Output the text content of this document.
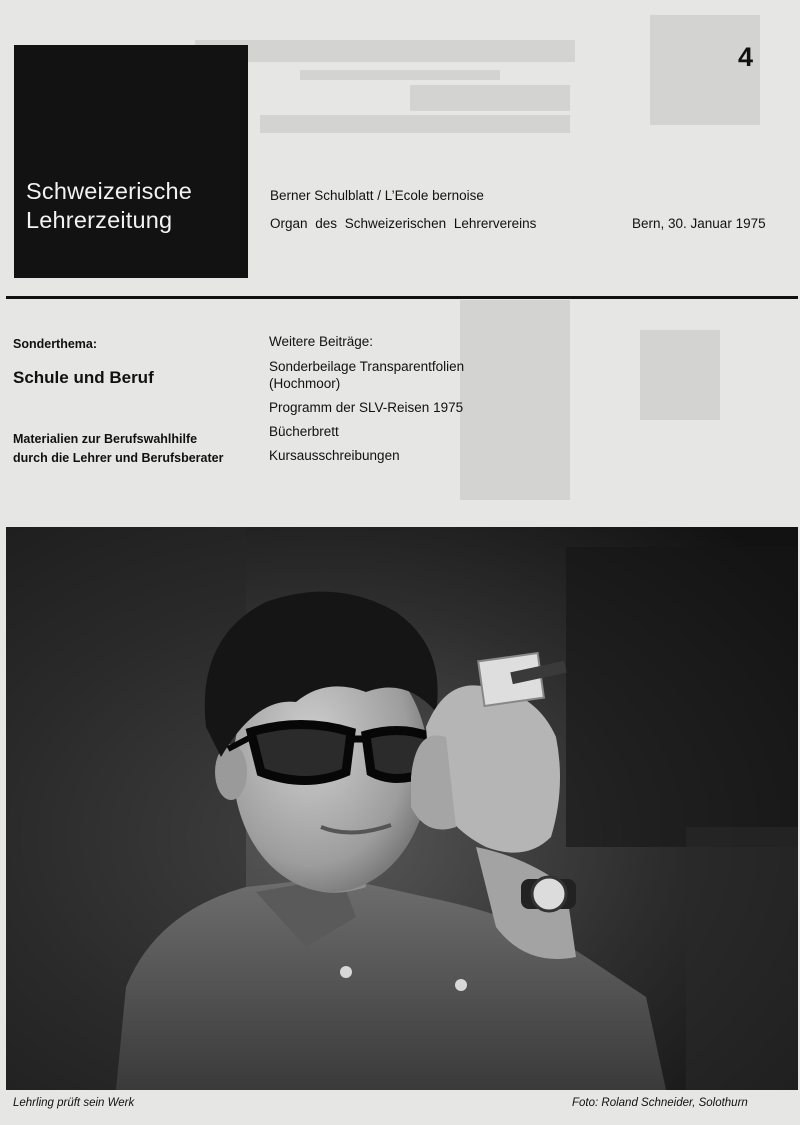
Schweizerische
Lehrerzeitung
4
Berner Schulblatt / L’Ecole bernoise
Organ des Schweizerischen Lehrervereins	Bern, 30. Januar 1975
Sonderthema:
Schule und Beruf
Materialien zur Berufswahlhilfe
durch die Lehrer und Berufsberater
Weitere Beiträge:
Sonderbeilage Transparentfolien
(Hochmoor)
Programm der SLV-Reisen 1975
Bücherbrett
Kursausschreibungen
Lehrling prüft sein Werk	Foto: Roland Schneider, Solothurn
